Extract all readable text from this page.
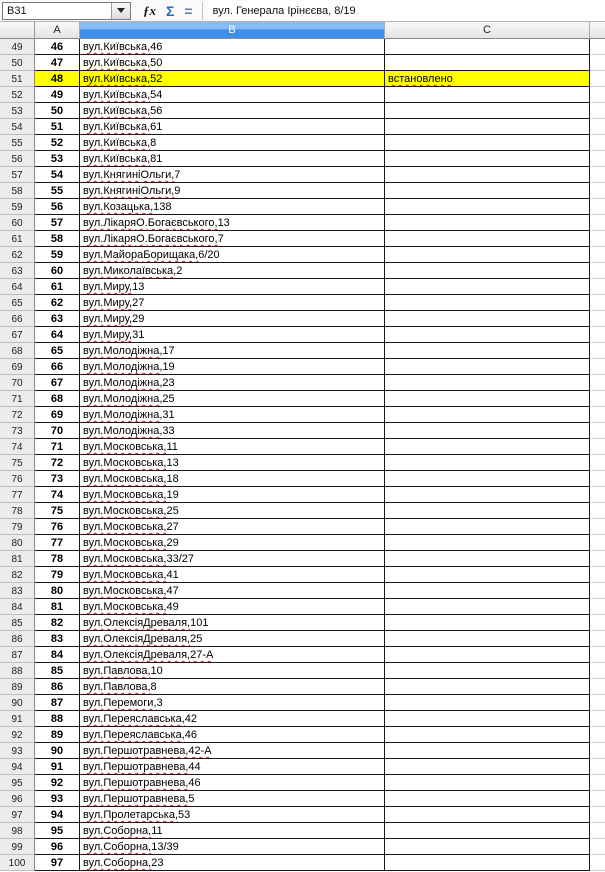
B31	ƒx Σ =	вул. Генерала Ірінєєва, 8/19
A	B	C
49	46	вул. Київська, 46
50	47	вул. Київська, 50
51	48	вул. Київська, 52	встановлено
52	49	вул. Київська, 54
53	50	вул. Київська, 56
54	51	вул. Київська, 61
55	52	вул. Київська, 8
56	53	вул. Київська, 81
57	54	вул. Княгині Ольги, 7
58	55	вул. Княгині Ольги, 9
59	56	вул. Козацька, 138
60	57	вул. Лікаря О. Богаєвського, 13
61	58	вул. Лікаря О. Богаєвського, 7
62	59	вул. Майора Борищака, 6/20
63	60	вул. Миколаївська, 2
64	61	вул. Миру, 13
65	62	вул. Миру, 27
66	63	вул. Миру, 29
67	64	вул. Миру, 31
68	65	вул. Молодіжна, 17
69	66	вул. Молодіжна, 19
70	67	вул. Молодіжна, 23
71	68	вул. Молодіжна, 25
72	69	вул. Молодіжна, 31
73	70	вул. Молодіжна, 33
74	71	вул. Московська, 11
75	72	вул. Московська, 13
76	73	вул. Московська, 18
77	74	вул. Московська, 19
78	75	вул. Московська, 25
79	76	вул. Московська, 27
80	77	вул. Московська, 29
81	78	вул. Московська, 33/27
82	79	вул. Московська, 41
83	80	вул. Московська, 47
84	81	вул. Московська, 49
85	82	вул. Олексія Древаля, 101
86	83	вул. Олексія Древаля, 25
87	84	вул. Олексія Древаля, 27-А
88	85	вул. Павлова, 10
89	86	вул. Павлова, 8
90	87	вул. Перемоги, 3
91	88	вул. Переяславська, 42
92	89	вул. Переяславська, 46
93	90	вул. Першотравнева, 42-А
94	91	вул. Першотравнева, 44
95	92	вул. Першотравнева, 46
96	93	вул. Першотравнева, 5
97	94	вул. Пролетарська, 53
98	95	вул. Соборна, 11
99	96	вул. Соборна, 13/39
100	97	вул. Соборна, 23
